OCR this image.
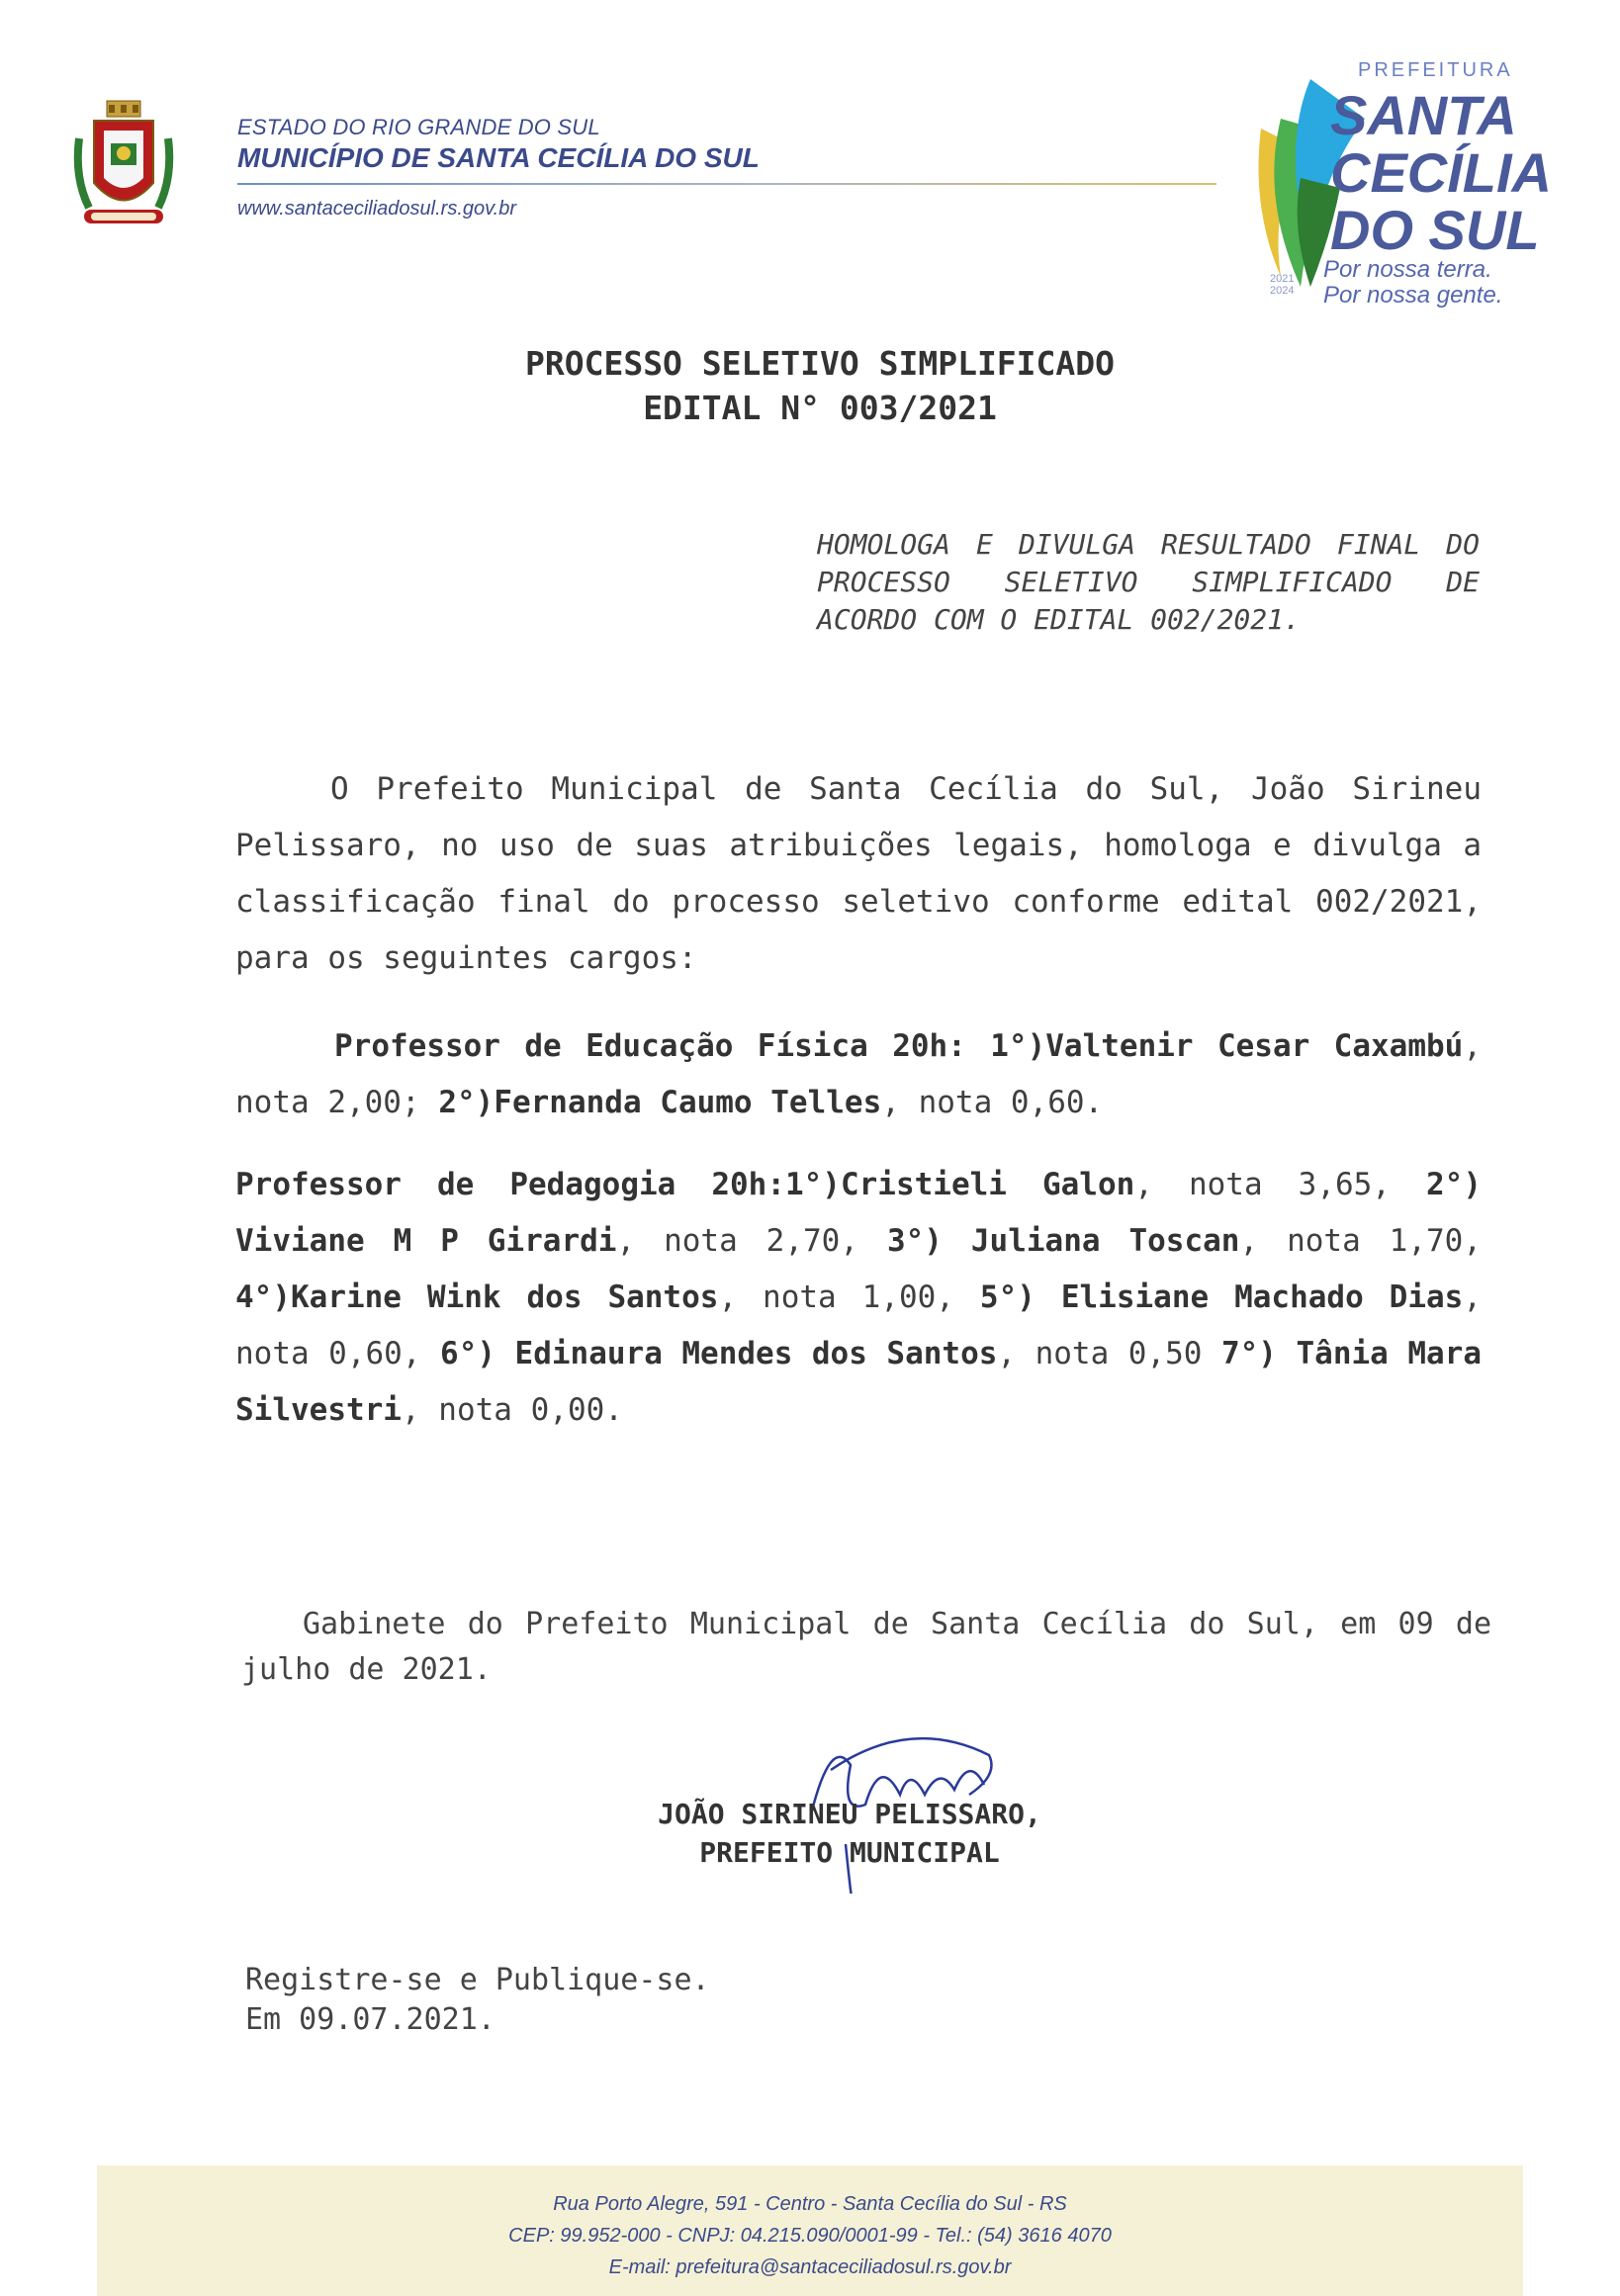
ESTADO DO RIO GRANDE DO SUL
MUNICÍPIO DE SANTA CECÍLIA DO SUL
www.santaceciliadosul.rs.gov.br
PREFEITURA
SANTA
CECÍLIA
DO SUL
2021
2024
Por nossa terra.
Por nossa gente.
PROCESSO SELETIVO SIMPLIFICADO
EDITAL N° 003/2021
HOMOLOGA E DIVULGA RESULTADO FINAL DO PROCESSO SELETIVO SIMPLIFICADO DE ACORDO COM O EDITAL 002/2021.
O Prefeito Municipal de Santa Cecília do Sul, João Sirineu Pelissaro, no uso de suas atribuições legais, homologa e divulga a classificação final do processo seletivo conforme edital 002/2021, para os seguintes cargos:
Professor de Educação Física 20h: 1°)Valtenir Cesar Caxambú, nota 2,00; 2°)Fernanda Caumo Telles, nota 0,60.
Professor de Pedagogia 20h:1°)Cristieli Galon, nota 3,65, 2°) Viviane M P Girardi, nota 2,70, 3°) Juliana Toscan, nota 1,70, 4°)Karine Wink dos Santos, nota 1,00, 5°) Elisiane Machado Dias, nota 0,60, 6°) Edinaura Mendes dos Santos, nota 0,50 7°) Tânia Mara Silvestri, nota 0,00.
Gabinete do Prefeito Municipal de Santa Cecília do Sul, em 09 de julho de 2021.
JOÃO SIRINEU PELISSARO,
PREFEITO MUNICIPAL
Registre-se e Publique-se.
Em 09.07.2021.
Rua Porto Alegre, 591 - Centro - Santa Cecília do Sul - RS
CEP: 99.952-000 - CNPJ: 04.215.090/0001-99 - Tel.: (54) 3616 4070
E-mail: prefeitura@santaceciliadosul.rs.gov.br
